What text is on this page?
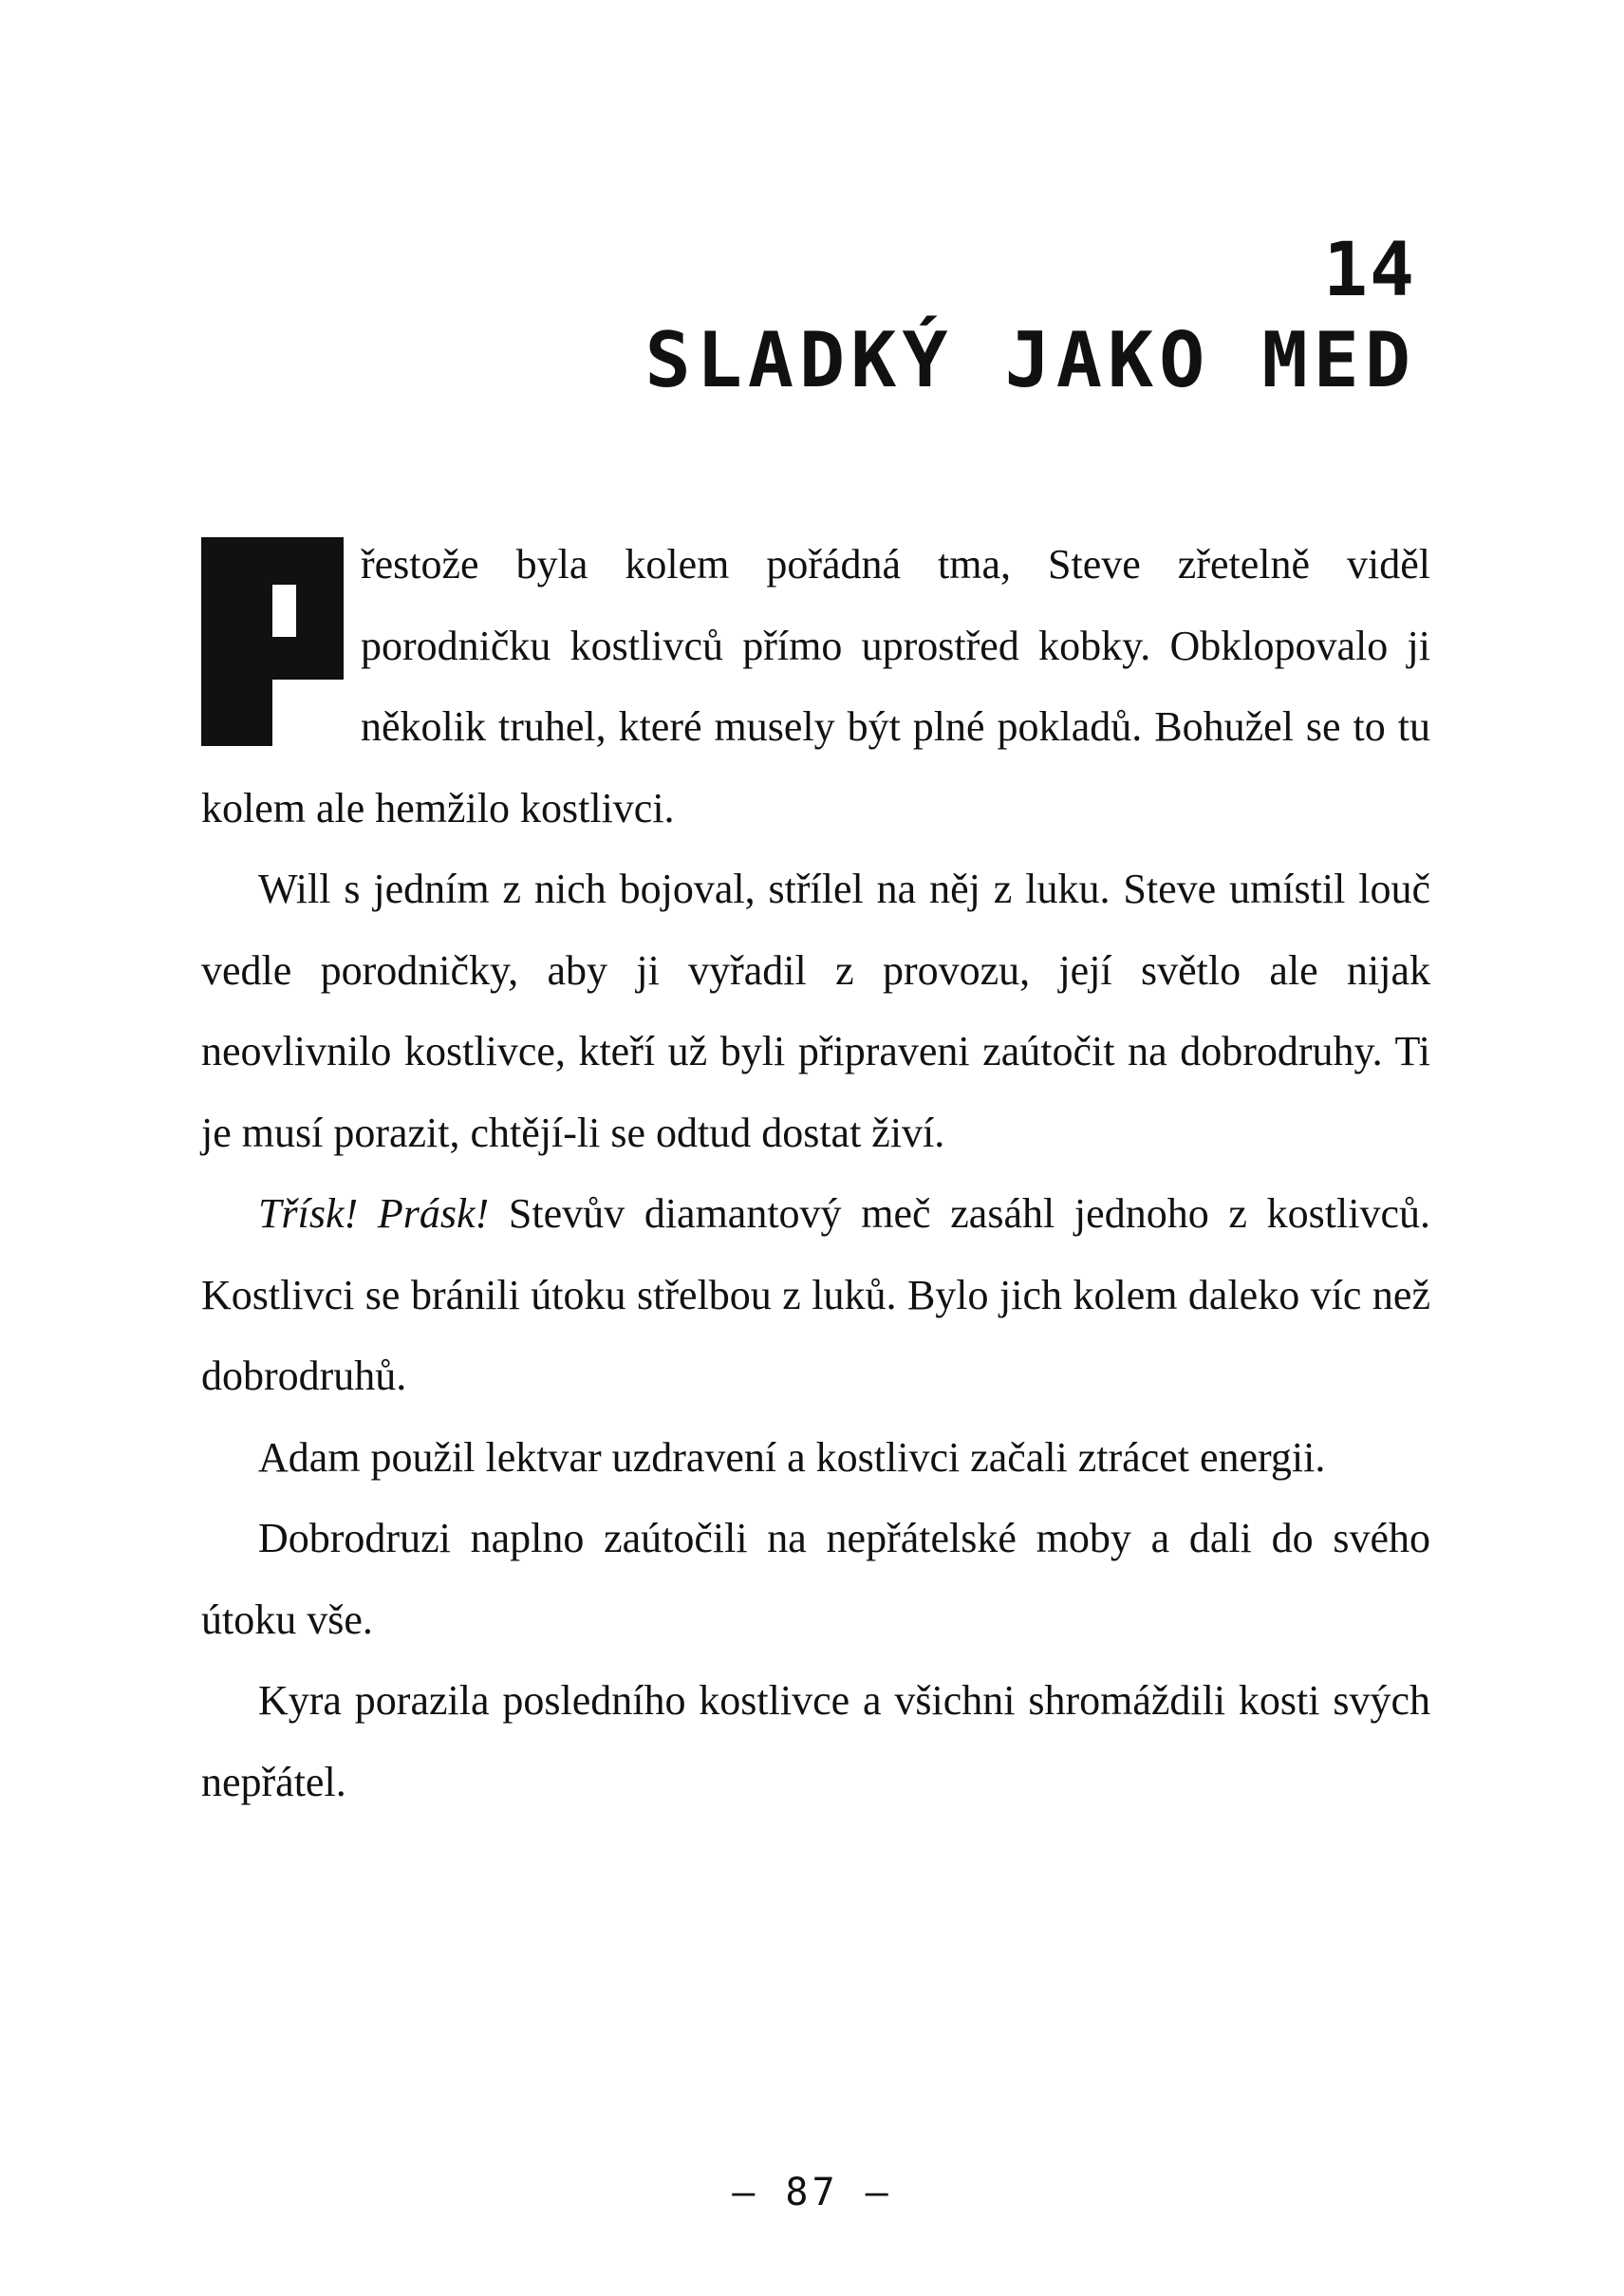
14
SLADKÝ JAKO MED

řestože byla kolem pořádná tma, Steve zřetelně viděl porodničku kostlivců přímo uprostřed kobky. Obklopovalo ji několik truhel, které musely být plné pokladů. Bohužel se to tu kolem ale hemžilo kostlivci.

Will s jedním z nich bojoval, střílel na něj z luku. Steve umístil louč vedle porodničky, aby ji vyřadil z provozu, její světlo ale nijak neovlivnilo kostlivce, kteří už byli připraveni zaútočit na dobrodruhy. Ti je musí porazit, chtějí-li se odtud dostat živí.

Třísk! Prásk! Stevův diamantový meč zasáhl jednoho z kostlivců. Kostlivci se bránili útoku střelbou z luků. Bylo jich kolem daleko víc než dobrodruhů.

Adam použil lektvar uzdravení a kostlivci začali ztrácet energii.

Dobrodruzi naplno zaútočili na nepřátelské moby a dali do svého útoku vše.

Kyra porazila posledního kostlivce a všichni shromáždili kosti svých nepřátel.

– 87 –
